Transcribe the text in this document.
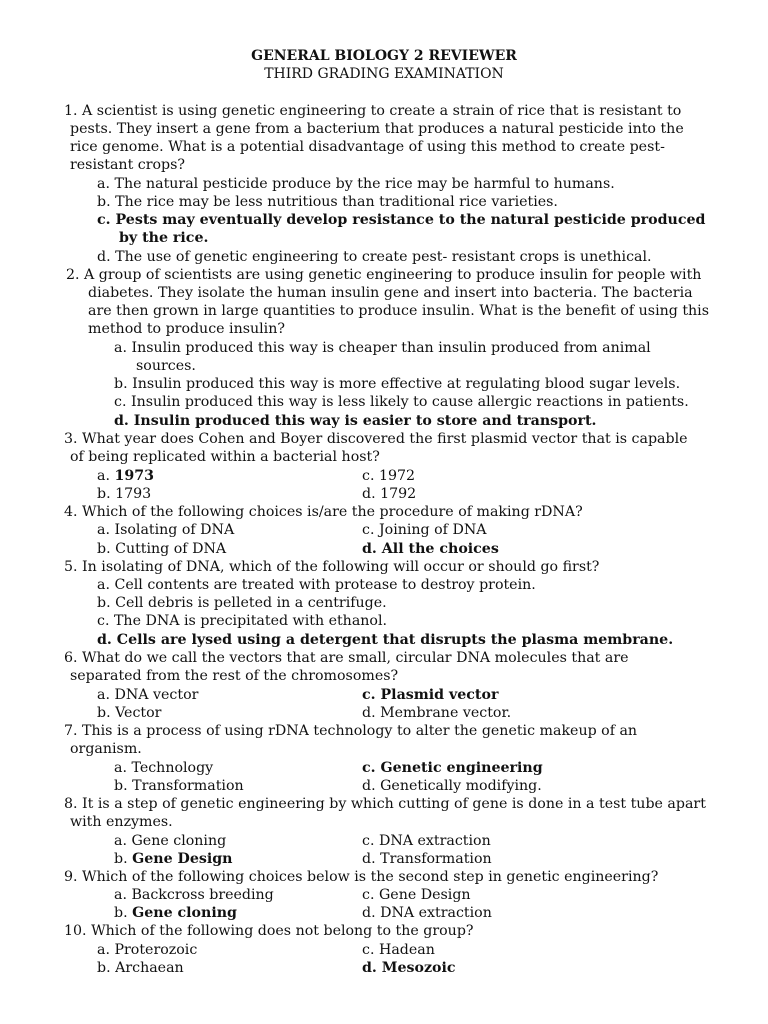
GENERAL BIOLOGY 2 REVIEWER
THIRD GRADING EXAMINATION
1. A scientist is using genetic engineering to create a strain of rice that is resistant to
pests. They insert a gene from a bacterium that produces a natural pesticide into the
rice genome. What is a potential disadvantage of using this method to create pest-
resistant crops?
a. The natural pesticide produce by the rice may be harmful to humans.
b. The rice may be less nutritious than traditional rice varieties.
c. Pests may eventually develop resistance to the natural pesticide produced
by the rice.
d. The use of genetic engineering to create pest- resistant crops is unethical.
2. A group of scientists are using genetic engineering to produce insulin for people with
diabetes. They isolate the human insulin gene and insert into bacteria. The bacteria
are then grown in large quantities to produce insulin. What is the benefit of using this
method to produce insulin?
a. Insulin produced this way is cheaper than insulin produced from animal
sources.
b. Insulin produced this way is more effective at regulating blood sugar levels.
c. Insulin produced this way is less likely to cause allergic reactions in patients.
d. Insulin produced this way is easier to store and transport.
3. What year does Cohen and Boyer discovered the first plasmid vector that is capable
of being replicated within a bacterial host?
a. 1973	c. 1972
b. 1793	d. 1792
4. Which of the following choices is/are the procedure of making rDNA?
a. Isolating of DNA	c. Joining of DNA
b. Cutting of DNA	d. All the choices
5. In isolating of DNA, which of the following will occur or should go first?
a. Cell contents are treated with protease to destroy protein.
b. Cell debris is pelleted in a centrifuge.
c. The DNA is precipitated with ethanol.
d. Cells are lysed using a detergent that disrupts the plasma membrane.
6. What do we call the vectors that are small, circular DNA molecules that are
separated from the rest of the chromosomes?
a. DNA vector	c. Plasmid vector
b. Vector	d. Membrane vector.
7. This is a process of using rDNA technology to alter the genetic makeup of an
organism.
a. Technology	c. Genetic engineering
b. Transformation	d. Genetically modifying.
8. It is a step of genetic engineering by which cutting of gene is done in a test tube apart
with enzymes.
a. Gene cloning	c. DNA extraction
b. Gene Design	d. Transformation
9. Which of the following choices below is the second step in genetic engineering?
a. Backcross breeding	c. Gene Design
b. Gene cloning	d. DNA extraction
10. Which of the following does not belong to the group?
a. Proterozoic	c. Hadean
b. Archaean	d. Mesozoic
